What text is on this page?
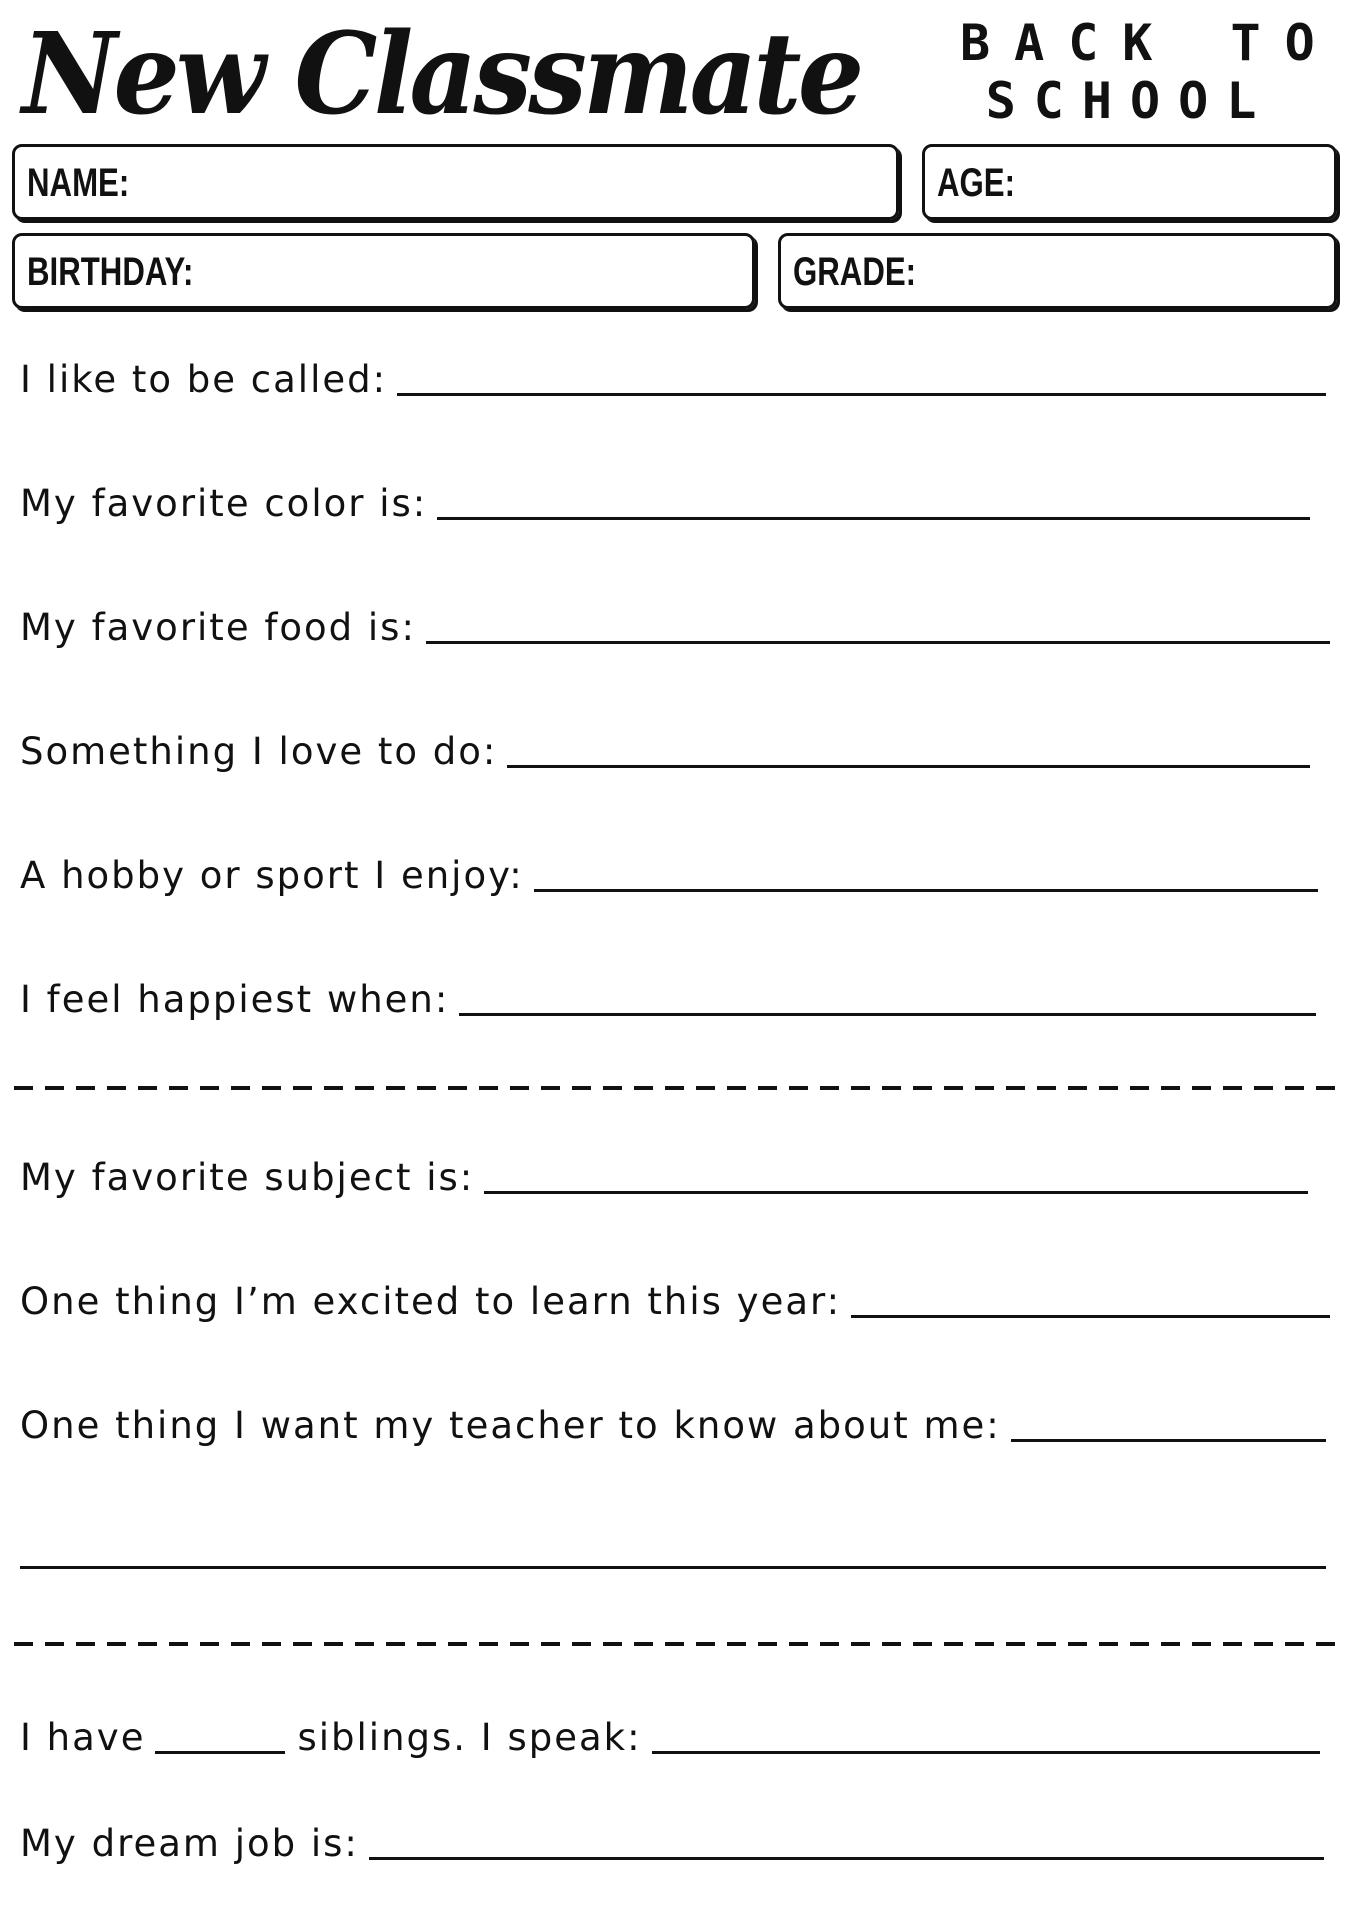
New Classmate BACK TO
SCHOOL
NAME:	AGE:
BIRTHDAY:	GRADE:
I like to be called:
My favorite color is:
My favorite food is:
Something I love to do:
A hobby or sport I enjoy:
I feel happiest when:
My favorite subject is:
One thing I’m excited to learn this year:
One thing I want my teacher to know about me:
I have	siblings. I speak:
My dream job is:
